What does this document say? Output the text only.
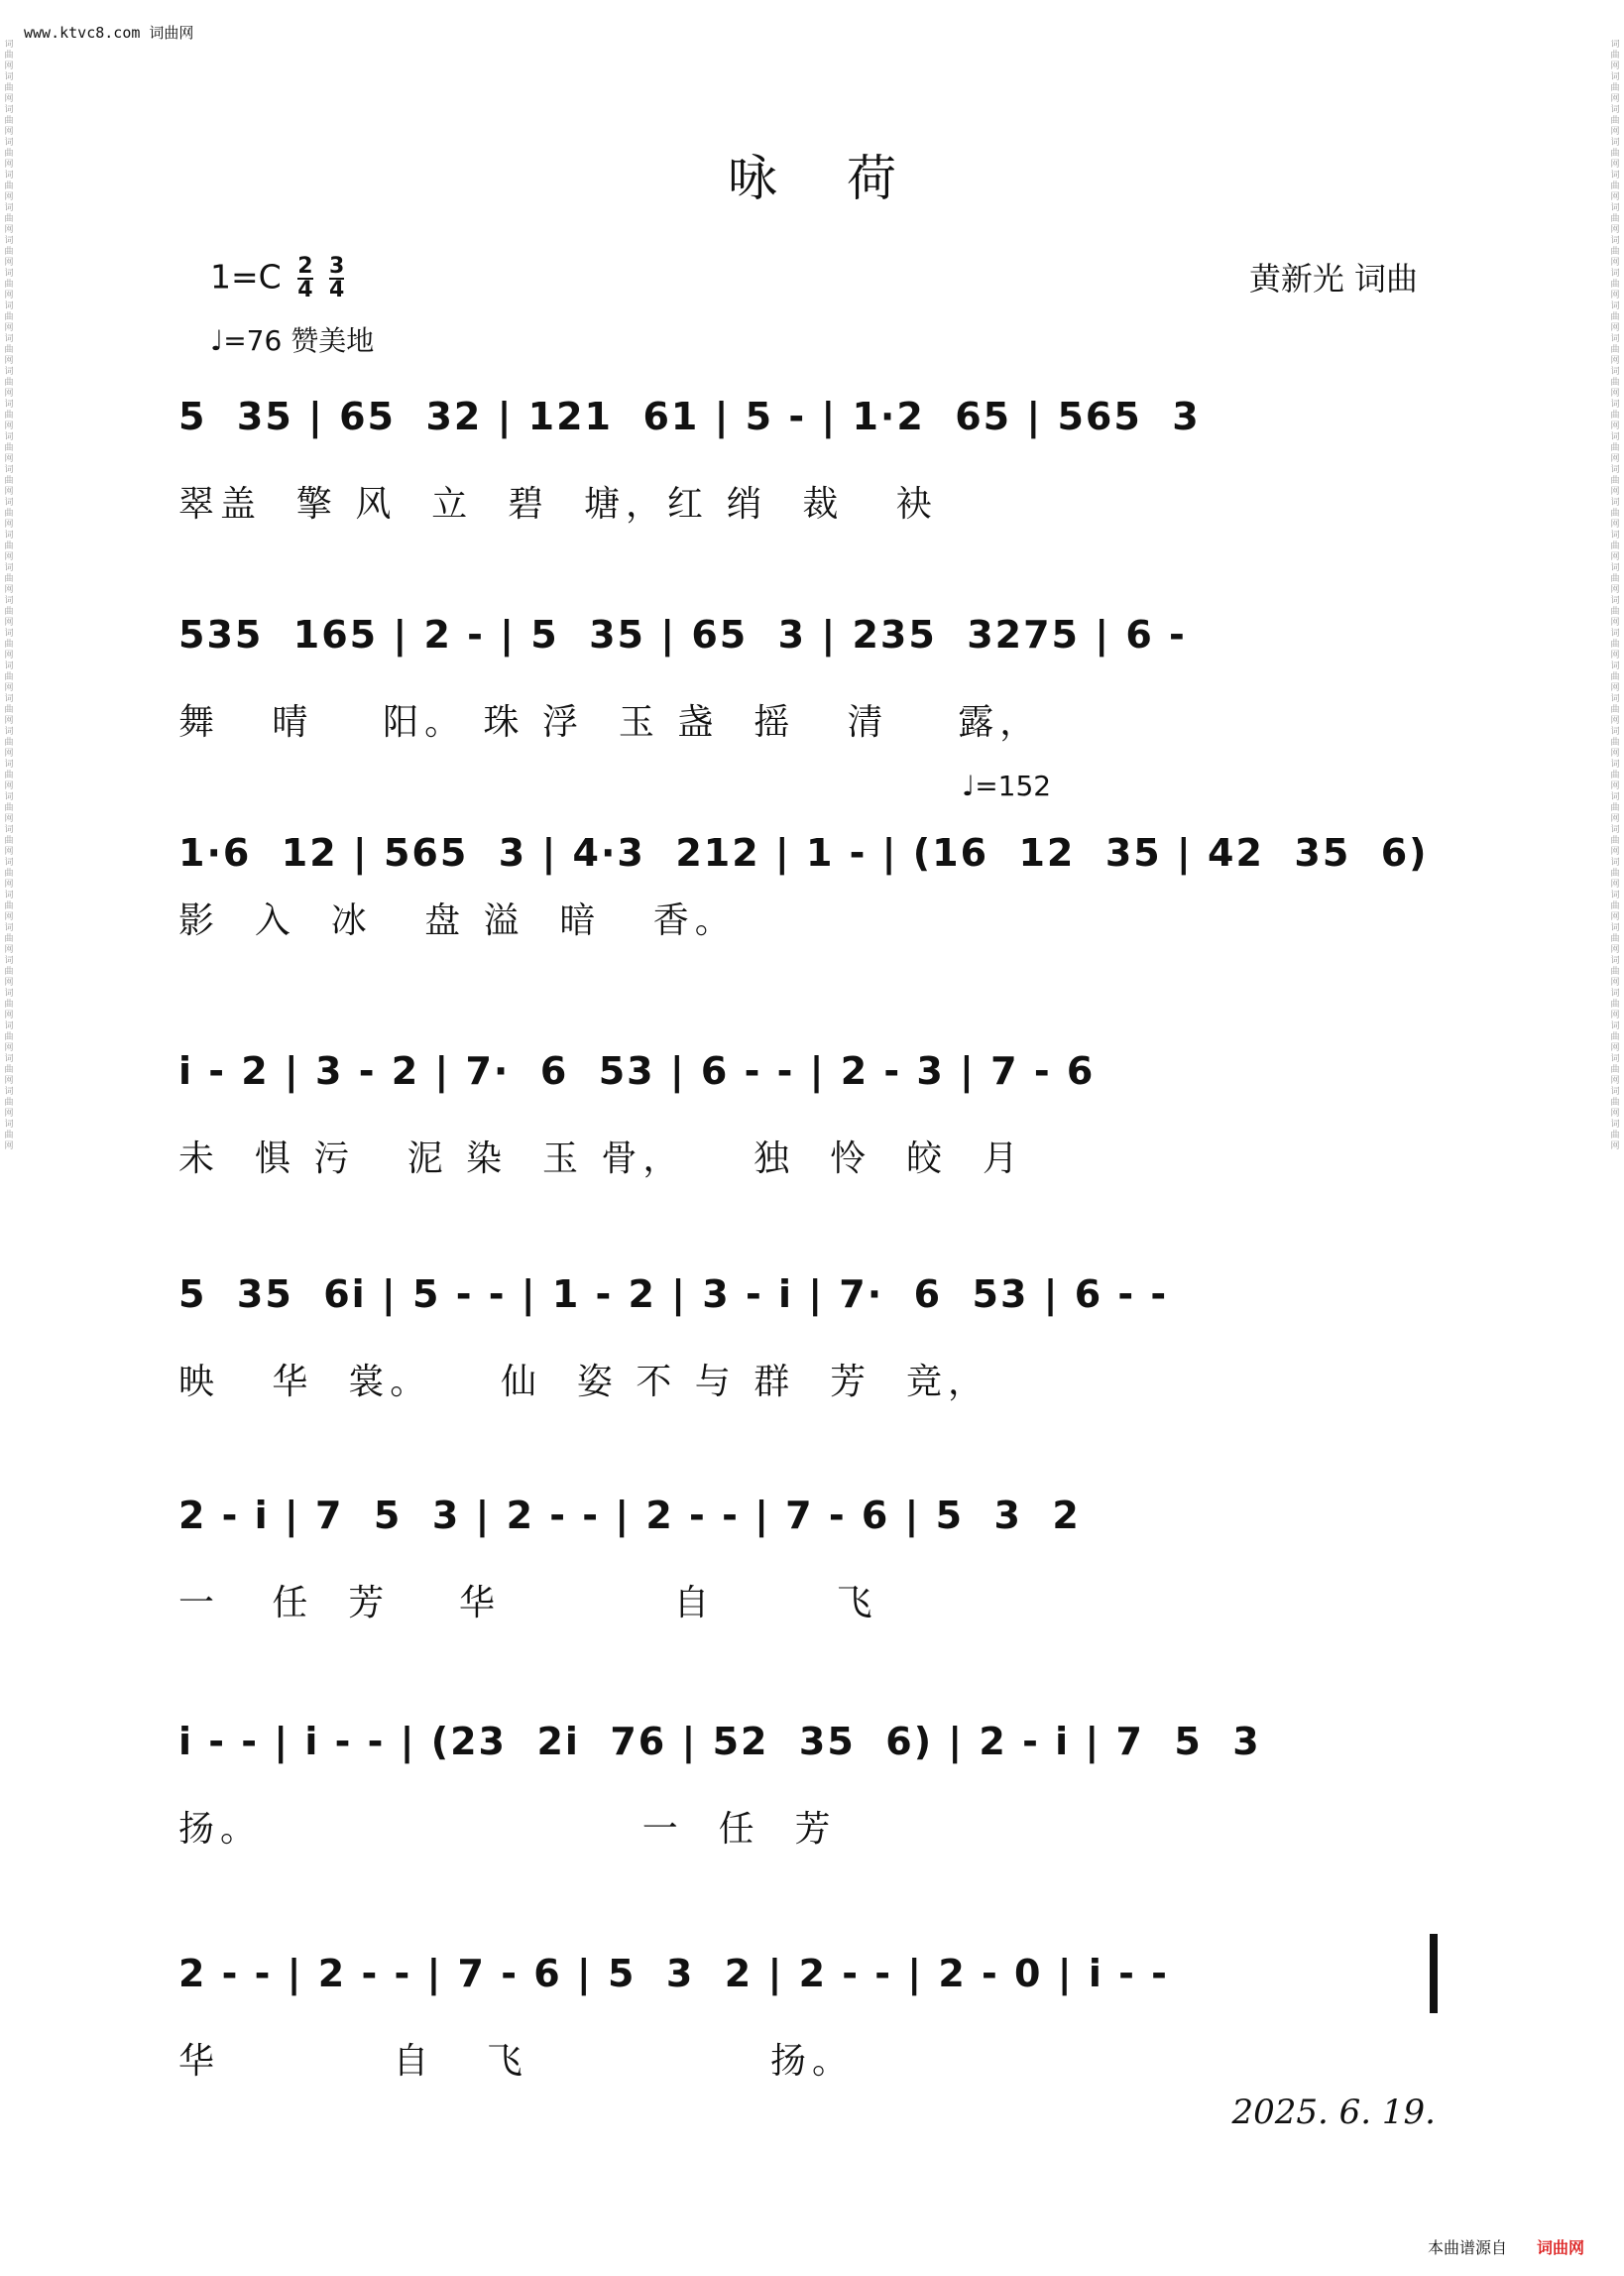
www.ktvc8.com 词曲网
词曲网词曲网词曲网词曲网词曲网词曲网词曲网词曲网词曲网词曲网词曲网词曲网词曲网词曲网词曲网词曲网词曲网词曲网词曲网词曲网词曲网词曲网词曲网词曲网词曲网词曲网词曲网词曲网词曲网词曲网词曲网词曲网词曲网词曲网
词曲网词曲网词曲网词曲网词曲网词曲网词曲网词曲网词曲网词曲网词曲网词曲网词曲网词曲网词曲网词曲网词曲网词曲网词曲网词曲网词曲网词曲网词曲网词曲网词曲网词曲网词曲网词曲网词曲网词曲网词曲网词曲网词曲网词曲网
咏荷
$1=C \frac{2}{4} \frac{3}{4}$
♩=76 赞美地
黄新光 词曲
5  35 | 65  32 | 121  61 | 5 - | 1·2  65 | 565  3
翠盖  擎 风  立  碧  塘，红 绡  裁   袂
535  165 | 2 - | 5  35 | 65  3 | 235  3275 | 6 -
舞   晴    阳。 珠 浮  玉 盏  摇   清    露，
♩=152
1·6  12 | 565  3 | 4·3  212 | 1 - | (16  12  35 | 42  35  6)
影  入  冰   盘 溢  暗   香。
i - 2 | 3 - 2 | 7·  6  53 | 6 - - | 2 - 3 | 7 - 6
未  惧 污   泥 染  玉 骨，    独  怜  皎  月
5  35  6i | 5 - - | 1 - 2 | 3 - i | 7·  6  53 | 6 - -
映   华  裳。    仙  姿 不 与 群  芳  竞，
2 - i | 7  5  3 | 2 - - | 2 - - | 7 - 6 | 5  3  2
一   任  芳    华          自       飞
i - - | i - - | (23  2i  76 | 52  35  6) | 2 - i | 7  5  3
扬。                      一  任  芳
2 - - | 2 - - | 7 - 6 | 5  3  2 | 2 - - | 2 - 0 | i - -
华          自   飞              扬。
2025. 6. 19.
本曲谱源自 词曲网
